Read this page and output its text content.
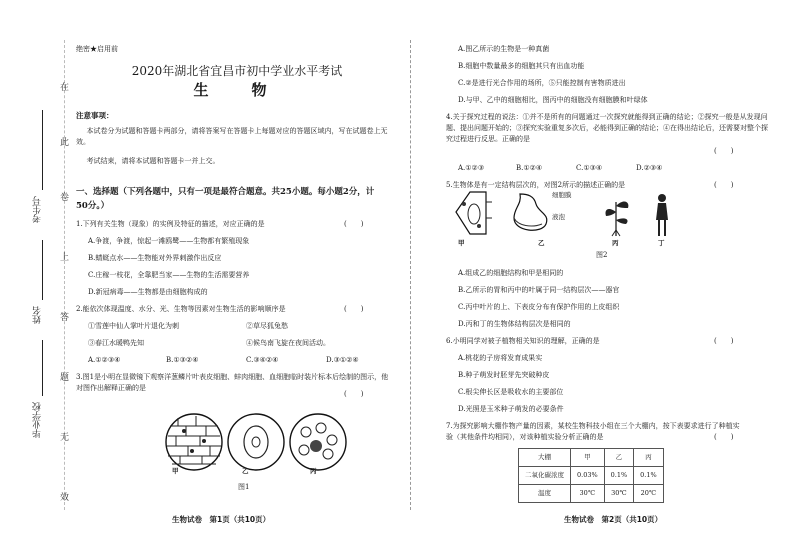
在
此
卷
上
答
题
无
效
考生号
姓名
毕业学校
绝密★启用前
2020年湖北省宜昌市初中学业水平考试
生　物
注意事项：
本试卷分为试题和答题卡两部分，请将答案写在答题卡上每题对应的答题区域内，写在试题卷上无效。
考试结束，请将本试题和答题卡一并上交。
一、选择题（下列各题中，只有一项是最符合题意。共25小题。每小题2分，计50分。）
1.下列有关生物（现象）的实例及特征的描述，对应正确的是	(　　)
A.争渡，争渡，惊起一滩鸥鹭——生物都有繁殖现象
B.蜻蜓点水——生物能对外界刺激作出反应
C.庄稼一枝花，全靠肥当家——生物的生活需要营养
D.新冠病毒——生物都是由细胞构成的
2.能依次体现温度、水分、光、生物等因素对生物生活的影响顺序是	(　　)
①雪莲中仙人掌叶片退化为刺	②草尽狐兔愁
③春江水暖鸭先知	④候鸟南飞旋在夜间活动。
A.①②③④	B.①③②④	C.③④②④	D.③①②④
3.图1是小明在显微镜下观察洋葱鳞片叶表皮细胞、蚌肉细胞、血细胞临时装片标本后绘制的图示，他对图作出解释正确的是
(　　)
甲	乙	丙
图1
生物试卷　第1页（共10页）
A.图乙所示的生物是一种真菌
B.细胞中数量最多的细胞其只有出血功能
C.②是进行光合作用的场所，⑤只能控制有害物质进出
D.与甲、乙中的细胞相比，图丙中的细胞没有细胞膜和叶绿体
4.关于探究过程的说法：①并不是所有的问题通过一次探究就能得到正确的结论；②探究一般是从发现问题、提出问题开始的；③探究实验重复多次后，必能得到正确的结论；④在得出结论后，还需要对整个探究过程进行反思。正确的是
(　　)
A.①②③	B.①②④	C.①③④	D.②③④
5.生物体是有一定结构层次的，对图2所示的描述正确的是	(　　)
细胞膜
液泡
甲	乙	丙	丁
图2
A.组成乙的细胞结构和甲是相同的
B.乙所示的胃和丙中的叶属于同一结构层次——器官
C.丙中叶片的上、下表皮分布有保护作用的上皮组织
D.丙和丁的生物体结构层次是相同的
6.小明同学对被子植物相关知识的理解，正确的是	(　　)
A.桃花的子房将发育成果实
B.种子萌发时胚芽先突破种皮
C.根尖伸长区是吸收水的主要部位
D.光照是玉米种子萌发的必要条件
7.为探究影响大棚作物产量的因素，某校生物科技小组在三个大棚内，按下表要求进行了种植实验（其他条件均相同），对该种植实验分析正确的是	(　　)
大棚	甲	乙	丙
二氧化碳浓度	0.03%	0.1%	0.1%
温度	30℃	30℃	20℃
生物试卷　第2页（共10页）
